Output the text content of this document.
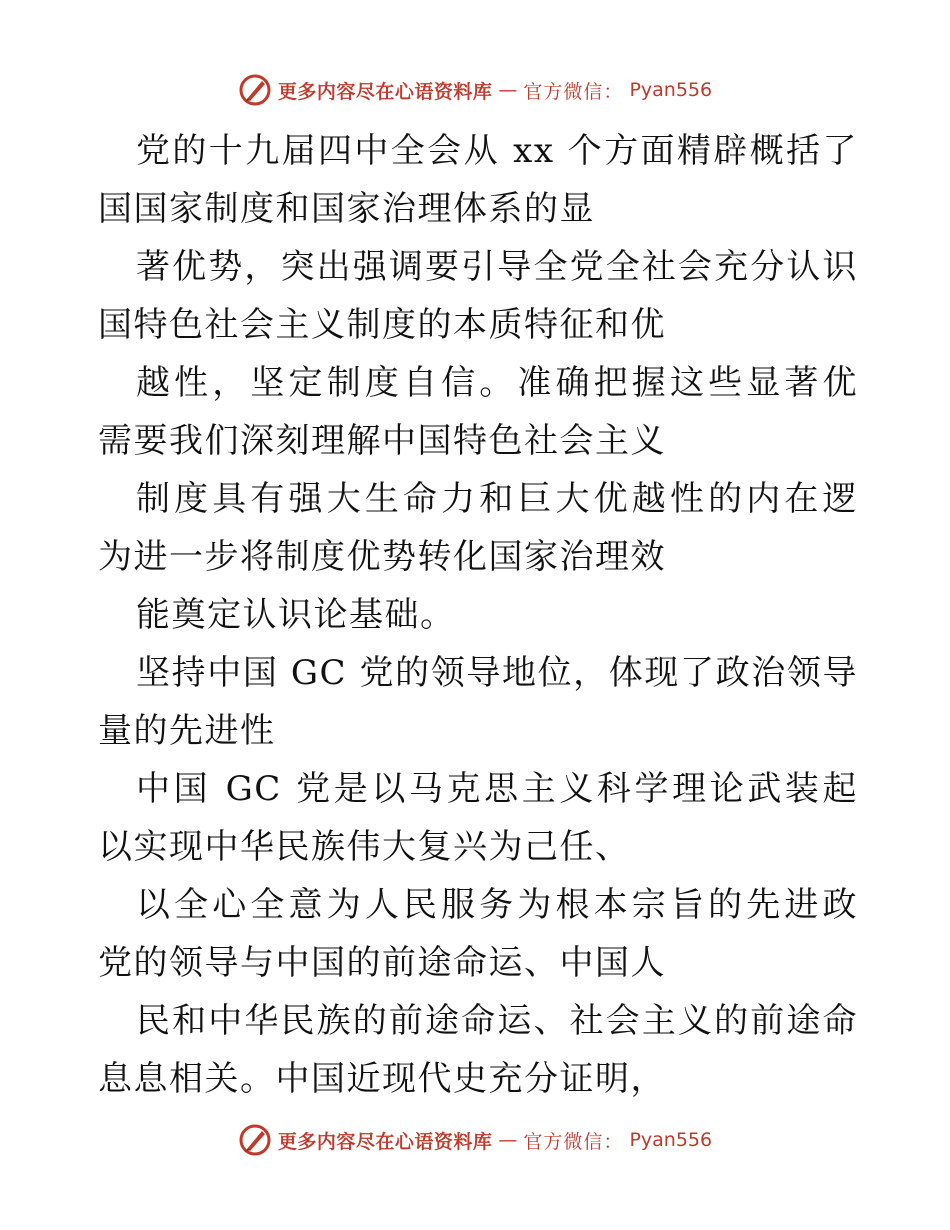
更多内容尽在心语资料库 — 官方微信： Pyan556
党的十九届四中全会从 xx 个方面精辟概括了
国国家制度和国家治理体系的显
著优势，突出强调要引导全党全社会充分认识
国特色社会主义制度的本质特征和优
越性，坚定制度自信。准确把握这些显著优
需要我们深刻理解中国特色社会主义
制度具有强大生命力和巨大优越性的内在逻
为进一步将制度优势转化国家治理效
能奠定认识论基础。
坚持中国 GC 党的领导地位，体现了政治领导
量的先进性
中国 GC 党是以马克思主义科学理论武装起
以实现中华民族伟大复兴为己任、
以全心全意为人民服务为根本宗旨的先进政
党的领导与中国的前途命运、中国人
民和中华民族的前途命运、社会主义的前途命
息息相关。中国近现代史充分证明，
更多内容尽在心语资料库 — 官方微信： Pyan556
